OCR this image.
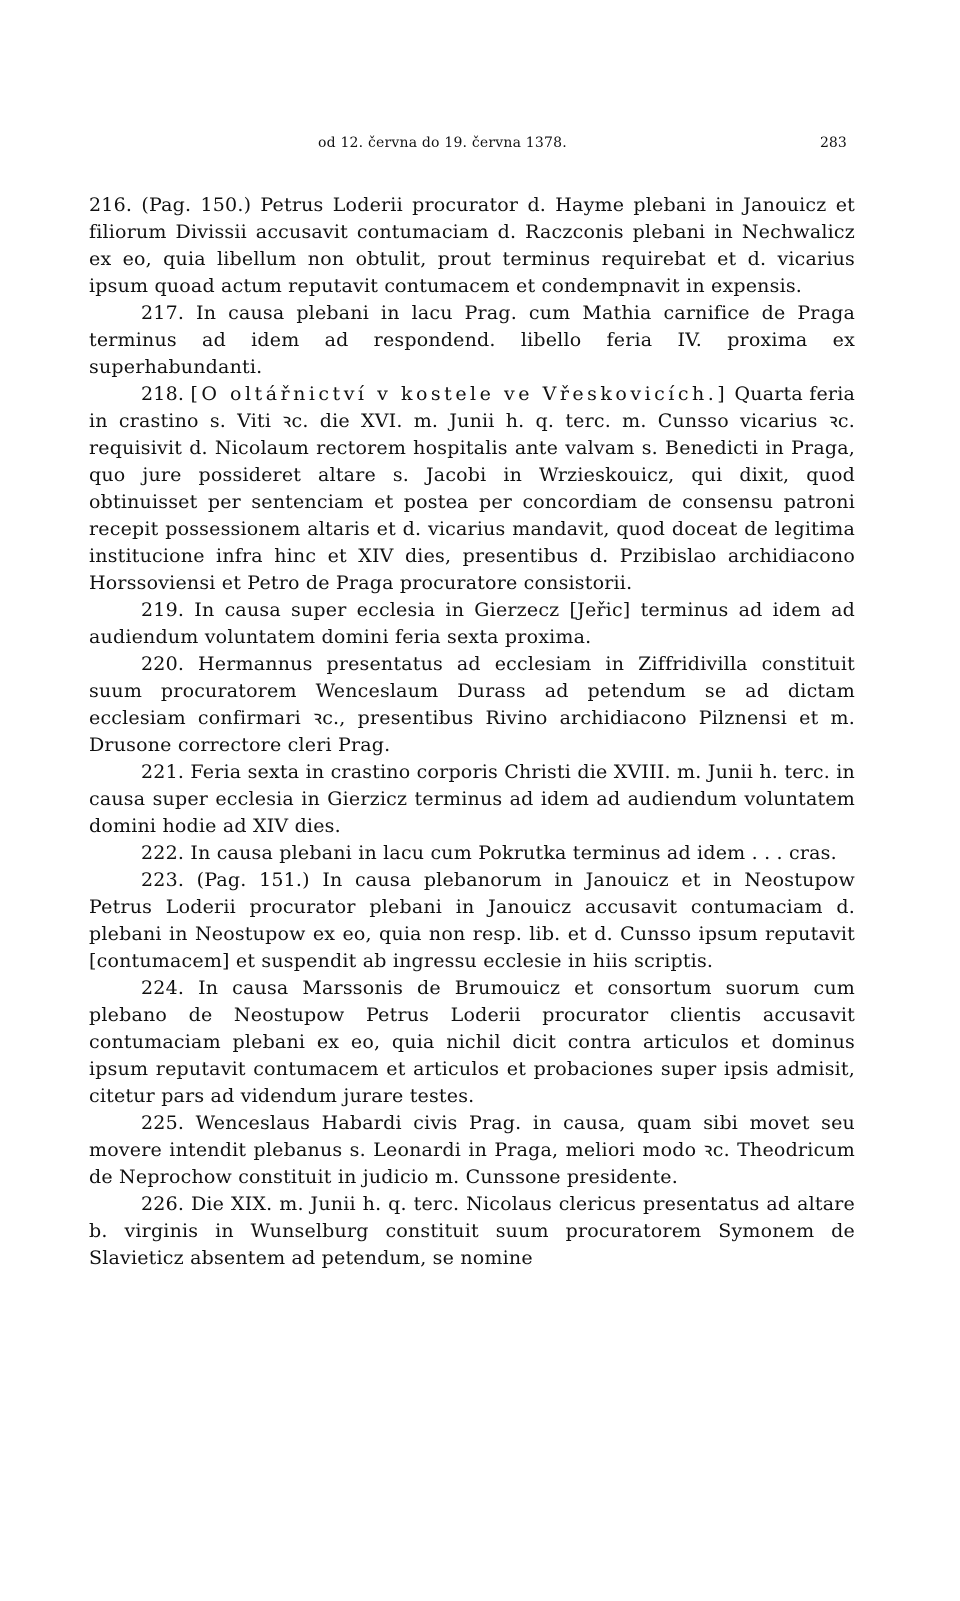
od 12. června do 19. června 1378.	283

216. (Pag. 150.) Petrus Loderii procurator d. Hayme plebani in Janouicz et filiorum Divissii accusavit contumaciam d. Raczconis plebani in Nechwalicz ex eo, quia libellum non obtulit, prout terminus requirebat et d. vicarius ipsum quoad actum reputavit contumacem et condempnavit in expensis.

217. In causa plebani in lacu Prag. cum Mathia carnifice de Praga terminus ad idem ad respondend. libello feria IV. proxima ex superhabundanti.

218. [O oltářnictví v kostele ve Vřeskovicích.] Quarta feria in crastino s. Viti ꝛc. die XVI. m. Junii h. q. terc. m. Cunsso vicarius ꝛc. requisivit d. Nicolaum rectorem hospitalis ante valvam s. Benedicti in Praga, quo jure possideret altare s. Jacobi in Wrzieskouicz, qui dixit, quod obtinuisset per sentenciam et postea per concordiam de consensu patroni recepit possessionem altaris et d. vicarius mandavit, quod doceat de legitima institucione infra hinc et XIV dies, presentibus d. Przibislao archidiacono Horssoviensi et Petro de Praga procuratore consistorii.

219. In causa super ecclesia in Gierzecz [Jeřic] terminus ad idem ad audiendum voluntatem domini feria sexta proxima.

220. Hermannus presentatus ad ecclesiam in Ziffridivilla constituit suum procuratorem Wenceslaum Durass ad petendum se ad dictam ecclesiam confirmari ꝛc., presentibus Rivino archidiacono Pilznensi et m. Drusone correctore cleri Prag.

221. Feria sexta in crastino corporis Christi die XVIII. m. Junii h. terc. in causa super ecclesia in Gierzicz terminus ad idem ad audiendum voluntatem domini hodie ad XIV dies.

222. In causa plebani in lacu cum Pokrutka terminus ad idem . . . cras.

223. (Pag. 151.) In causa plebanorum in Janouicz et in Neostupow Petrus Loderii procurator plebani in Janouicz accusavit contumaciam d. plebani in Neostupow ex eo, quia non resp. lib. et d. Cunsso ipsum reputavit [contumacem] et suspendit ab ingressu ecclesie in hiis scriptis.

224. In causa Marssonis de Brumouicz et consortum suorum cum plebano de Neostupow Petrus Loderii procurator clientis accusavit contumaciam plebani ex eo, quia nichil dicit contra articulos et dominus ipsum reputavit contumacem et articulos et probaciones super ipsis admisit, citetur pars ad videndum jurare testes.

225. Wenceslaus Habardi civis Prag. in causa, quam sibi movet seu movere intendit plebanus s. Leonardi in Praga, meliori modo ꝛc. Theodricum de Neprochow constituit in judicio m. Cunssone presidente.

226. Die XIX. m. Junii h. q. terc. Nicolaus clericus presentatus ad altare b. virginis in Wunselburg constituit suum procuratorem Symonem de Slavieticz absentem ad petendum, se nomine
